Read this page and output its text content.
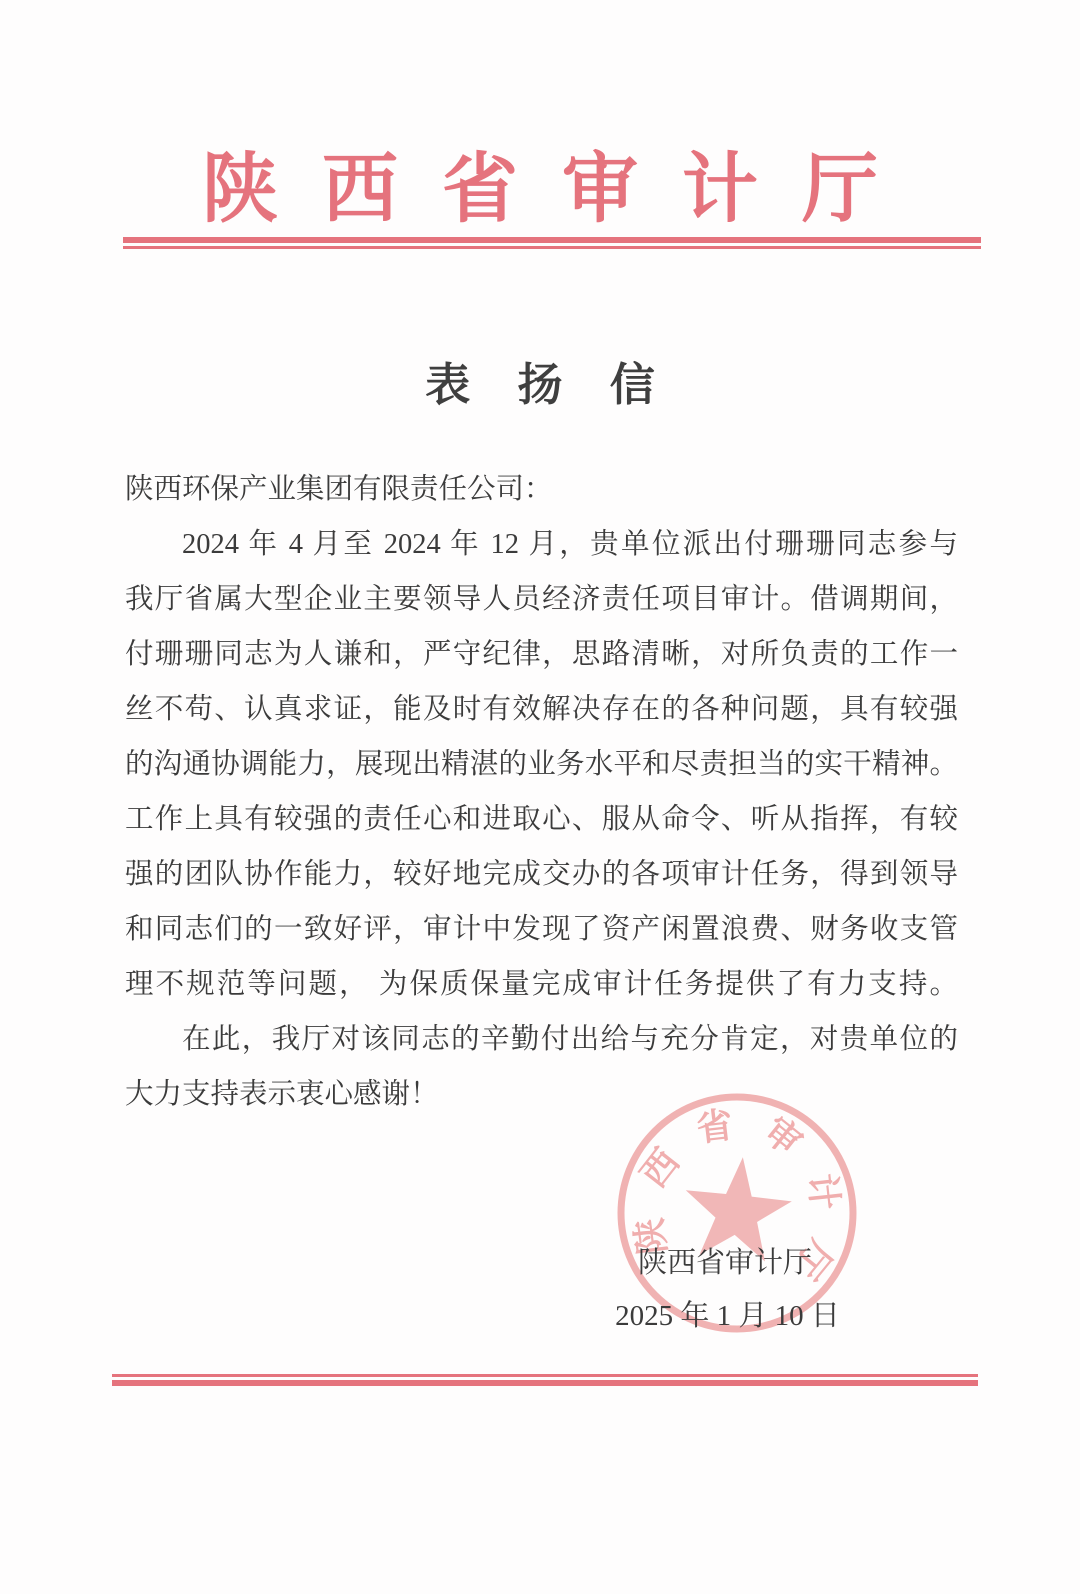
陕西省审计厅
表 扬 信
陕西环保产业集团有限责任公司：
2024 年 4 月至 2024 年 12 月，贵单位派出付珊珊同志参与
我厅省属大型企业主要领导人员经济责任项目审计。借调期间，
付珊珊同志为人谦和，严守纪律，思路清晰，对所负责的工作一
丝不苟、认真求证，能及时有效解决存在的各种问题，具有较强
的沟通协调能力，展现出精湛的业务水平和尽责担当的实干精神。
工作上具有较强的责任心和进取心、服从命令、听从指挥，有较
强的团队协作能力，较好地完成交办的各项审计任务，得到领导
和同志们的一致好评，审计中发现了资产闲置浪费、财务收支管
理不规范等问题， 为保质保量完成审计任务提供了有力支持。
在此，我厅对该同志的辛勤付出给与充分肯定，对贵单位的
大力支持表示衷心感谢！
陕西省审计厅
陕西省审计厅
2025 年 1 月 10 日
